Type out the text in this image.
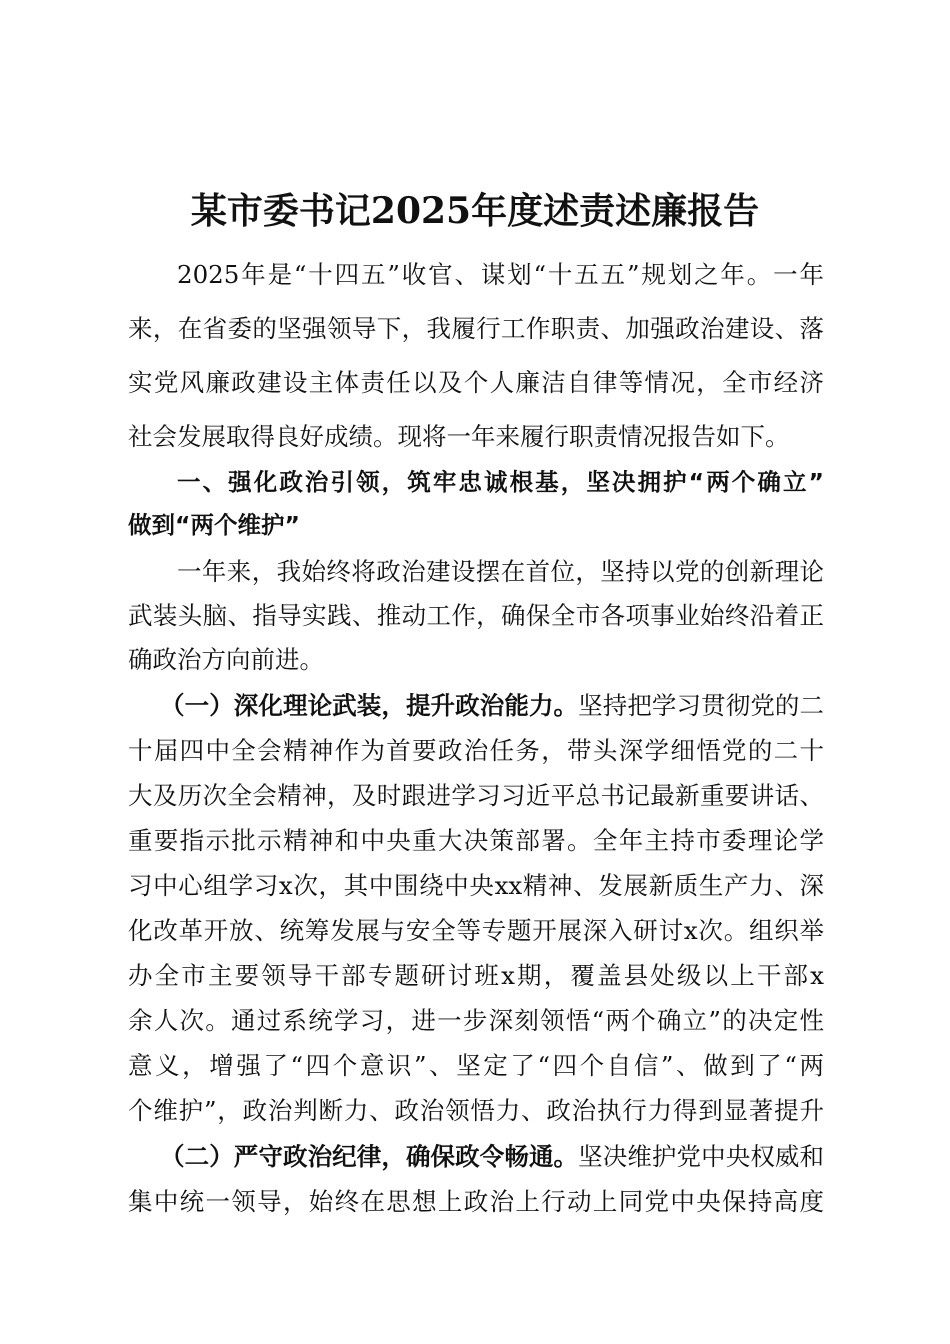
某市委书记2025年度述责述廉报告
2025年是“十四五”收官、谋划“十五五”规划之年。一年
来，在省委的坚强领导下，我履行工作职责、加强政治建设、落
实党风廉政建设主体责任以及个人廉洁自律等情况，全市经济
社会发展取得良好成绩。现将一年来履行职责情况报告如下。
一、强化政治引领，筑牢忠诚根基，坚决拥护“两个确立”
做到“两个维护”
一年来，我始终将政治建设摆在首位，坚持以党的创新理论
武装头脑、指导实践、推动工作，确保全市各项事业始终沿着正
确政治方向前进。
（一）深化理论武装，提升政治能力。坚持把学习贯彻党的二
十届四中全会精神作为首要政治任务，带头深学细悟党的二十
大及历次全会精神，及时跟进学习习近平总书记最新重要讲话、
重要指示批示精神和中央重大决策部署。全年主持市委理论学
习中心组学习x次，其中围绕中央xx精神、发展新质生产力、深
化改革开放、统筹发展与安全等专题开展深入研讨x次。组织举
办全市主要领导干部专题研讨班x期，覆盖县处级以上干部x
余人次。通过系统学习，进一步深刻领悟“两个确立”的决定性
意义，增强了“四个意识”、坚定了“四个自信”、做到了“两
个维护”，政治判断力、政治领悟力、政治执行力得到显著提升
（二）严守政治纪律，确保政令畅通。坚决维护党中央权威和
集中统一领导，始终在思想上政治上行动上同党中央保持高度
